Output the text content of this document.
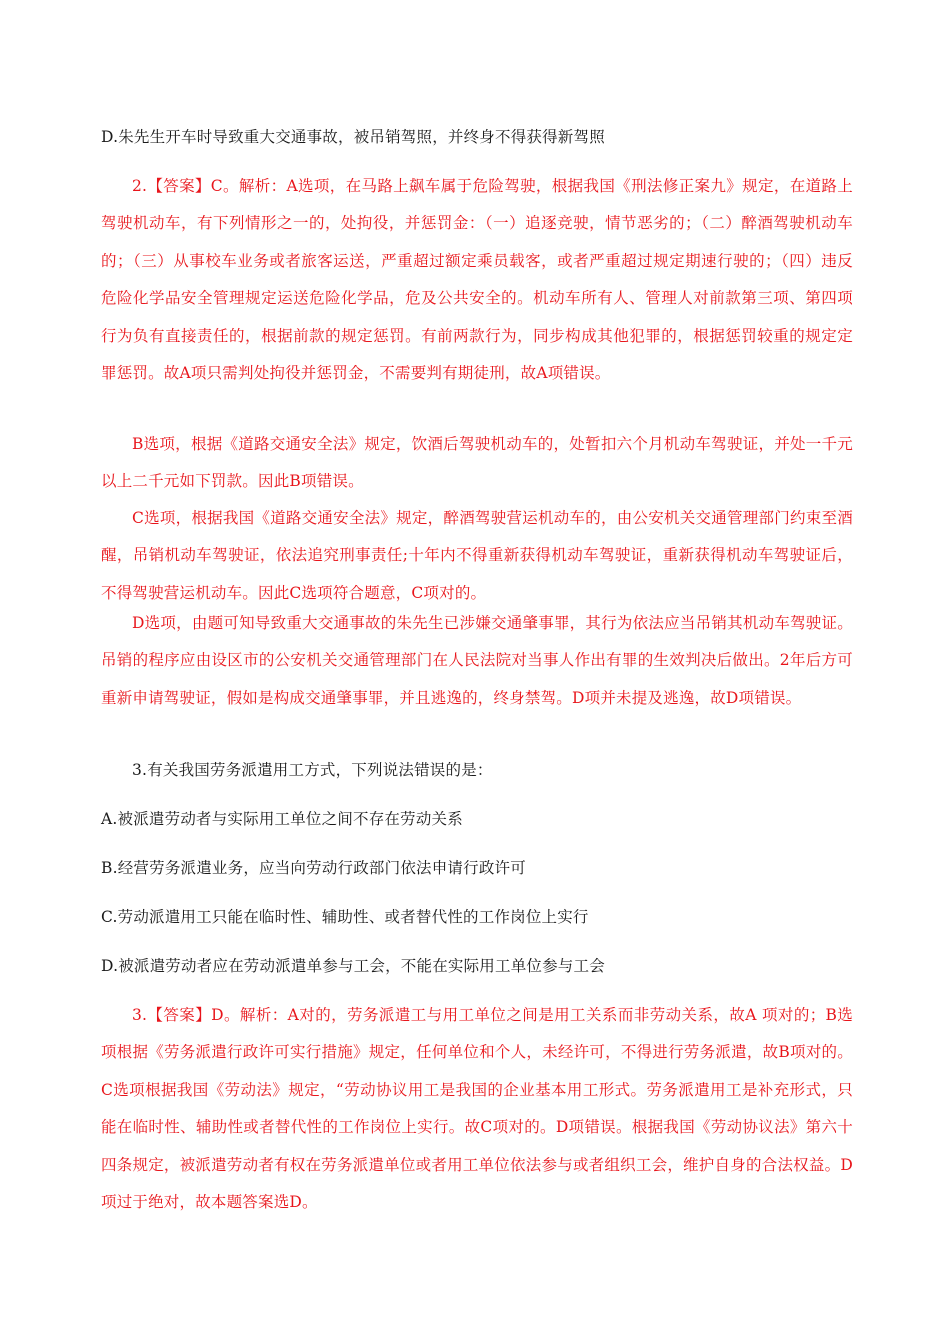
D.朱先生开车时导致重大交通事故，被吊销驾照，并终身不得获得新驾照

2.【答案】C。解析：A选项，在马路上飙车属于危险驾驶，根据我国《刑法修正案九》规定，在道路上驾驶机动车，有下列情形之一的，处拘役，并惩罚金：（一）追逐竞驶，情节恶劣的；（二）醉酒驾驶机动车的；（三）从事校车业务或者旅客运送，严重超过额定乘员载客，或者严重超过规定期速行驶的；（四）违反危险化学品安全管理规定运送危险化学品，危及公共安全的。机动车所有人、管理人对前款第三项、第四项行为负有直接责任的，根据前款的规定惩罚。有前两款行为，同步构成其他犯罪的，根据惩罚较重的规定定罪惩罚。故A项只需判处拘役并惩罚金，不需要判有期徒刑，故A项错误。

B选项，根据《道路交通安全法》规定，饮酒后驾驶机动车的，处暂扣六个月机动车驾驶证，并处一千元以上二千元如下罚款。因此B项错误。

C选项，根据我国《道路交通安全法》规定，醉酒驾驶营运机动车的，由公安机关交通管理部门约束至酒醒，吊销机动车驾驶证，依法追究刑事责任;十年内不得重新获得机动车驾驶证，重新获得机动车驾驶证后，不得驾驶营运机动车。因此C选项符合题意，C项对的。

D选项，由题可知导致重大交通事故的朱先生已涉嫌交通肇事罪，其行为依法应当吊销其机动车驾驶证。吊销的程序应由设区市的公安机关交通管理部门在人民法院对当事人作出有罪的生效判决后做出。2年后方可重新申请驾驶证，假如是构成交通肇事罪，并且逃逸的，终身禁驾。D项并未提及逃逸，故D项错误。

3.有关我国劳务派遣用工方式，下列说法错误的是：

A.被派遣劳动者与实际用工单位之间不存在劳动关系

B.经营劳务派遣业务，应当向劳动行政部门依法申请行政许可

C.劳动派遣用工只能在临时性、辅助性、或者替代性的工作岗位上实行

D.被派遣劳动者应在劳动派遣单参与工会，不能在实际用工单位参与工会

3.【答案】D。解析：A对的，劳务派遣工与用工单位之间是用工关系而非劳动关系，故A 项对的；B选项根据《劳务派遣行政许可实行措施》规定，任何单位和个人，未经许可，不得进行劳务派遣，故B项对的。C选项根据我国《劳动法》规定，“劳动协议用工是我国的企业基本用工形式。劳务派遣用工是补充形式，只能在临时性、辅助性或者替代性的工作岗位上实行。故C项对的。D项错误。根据我国《劳动协议法》第六十四条规定，被派遣劳动者有权在劳务派遣单位或者用工单位依法参与或者组织工会，维护自身的合法权益。D项过于绝对，故本题答案选D。
